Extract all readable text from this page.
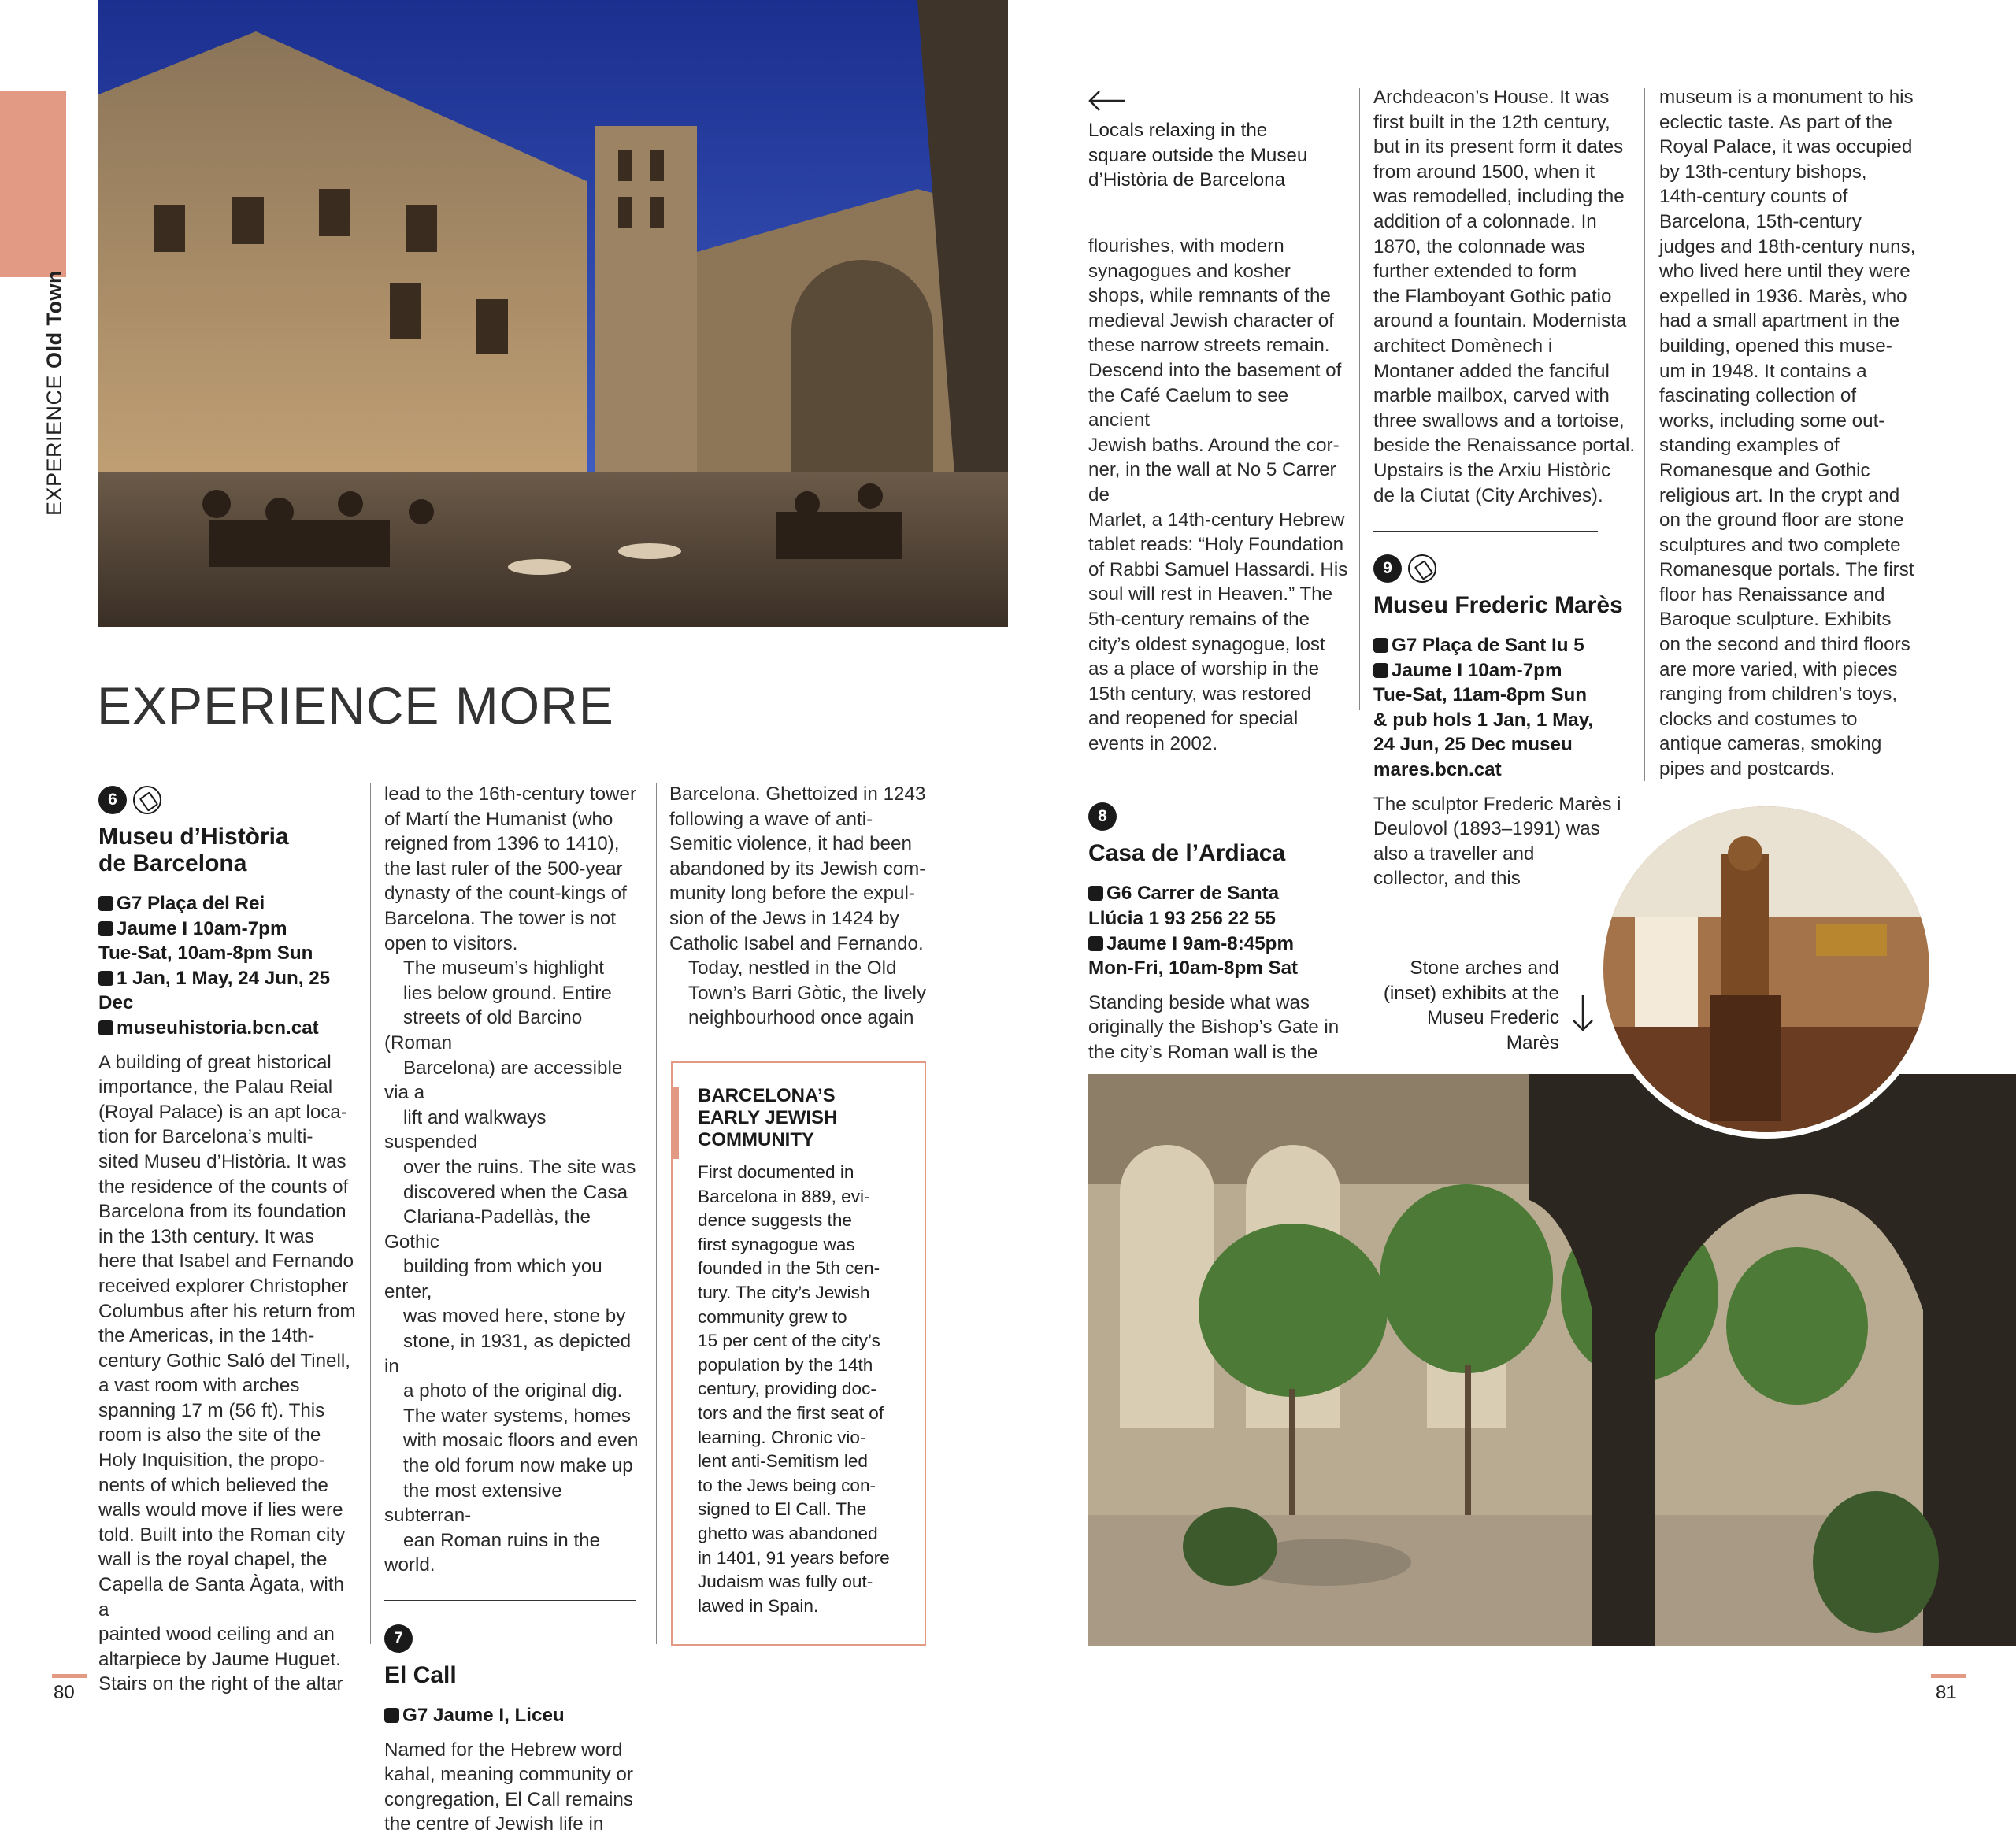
EXPERIENCEOld Town
EXPERIENCE MORE
6
Museu d’Història
de Barcelona
G7 Plaça del Rei
Jaume I 10am-7pm
Tue-Sat, 10am-8pm Sun
1 Jan, 1 May, 24 Jun, 25 Dec
museuhistoria.bcn.cat
A building of great historical
importance, the Palau Reial
(Royal Palace) is an apt loca-
tion for Barcelona’s multi-
sited Museu d’Història. It was
the residence of the counts of
Barcelona from its foundation
in the 13th century. It was
here that Isabel and Fernando
received explorer Christopher
Columbus after his return from
the Americas, in the 14th-
century Gothic Saló del Tinell,
a vast room with arches
spanning 17 m (56 ft). This
room is also the site of the
Holy Inquisition, the propo-
nents of which believed the
walls would move if lies were
told. Built into the Roman city
wall is the royal chapel, the
Capella de Santa Àgata, with a
painted wood ceiling and an
altarpiece by Jaume Huguet.
Stairs on the right of the altar
lead to the 16th-century tower
of Martí the Humanist (who
reigned from 1396 to 1410),
the last ruler of the 500-year
dynasty of the count-kings of
Barcelona. The tower is not
open to visitors.
The museum’s highlight
lies below ground. Entire
streets of old Barcino (Roman
Barcelona) are accessible via a
lift and walkways suspended
over the ruins. The site was
discovered when the Casa
Clariana-Padellàs, the Gothic
building from which you enter,
was moved here, stone by
stone, in 1931, as depicted in
a photo of the original dig.
The water systems, homes
with mosaic floors and even
the old forum now make up
the most extensive subterran-
ean Roman ruins in the world.
7
El Call
G7 Jaume I, Liceu
Named for the Hebrew word
kahal, meaning community or
congregation, El Call remains
the centre of Jewish life in
Barcelona. Ghettoized in 1243
following a wave of anti-
Semitic violence, it had been
abandoned by its Jewish com-
munity long before the expul-
sion of the Jews in 1424 by
Catholic Isabel and Fernando.
Today, nestled in the Old
Town’s Barri Gòtic, the lively
neighbourhood once again
BARCELONA’S
EARLY JEWISH
COMMUNITY
First documented in
Barcelona in 889, evi-
dence suggests the
first synagogue was
founded in the 5th cen-
tury. The city’s Jewish
community grew to
15 per cent of the city’s
population by the 14th
century, providing doc-
tors and the first seat of
learning. Chronic vio-
lent anti-Semitism led
to the Jews being con-
signed to El Call. The
ghetto was abandoned
in 1401, 91 years before
Judaism was fully out-
lawed in Spain.
Locals relaxing in the
square outside the Museu
d’Història de Barcelona
flourishes, with modern
synagogues and kosher
shops, while remnants of the
medieval Jewish character of
these narrow streets remain.
Descend into the basement of
the Café Caelum to see ancient
Jewish baths. Around the cor-
ner, in the wall at No 5 Carrer de
Marlet, a 14th-century Hebrew
tablet reads: “Holy Foundation
of Rabbi Samuel Hassardi. His
soul will rest in Heaven.” The
5th-century remains of the
city’s oldest synagogue, lost
as a place of worship in the
15th century, was restored
and reopened for special
events in 2002.
8
Casa de l’Ardiaca
G6 Carrer de Santa
Llúcia 1 93 256 22 55
Jaume I 9am-8:45pm
Mon-Fri, 10am-8pm Sat
Standing beside what was
originally the Bishop’s Gate in
the city’s Roman wall is the
Archdeacon’s House. It was
first built in the 12th century,
but in its present form it dates
from around 1500, when it
was remodelled, including the
addition of a colonnade. In
1870, the colonnade was
further extended to form
the Flamboyant Gothic patio
around a fountain. Modernista
architect Domènech i
Montaner added the fanciful
marble mailbox, carved with
three swallows and a tortoise,
beside the Renaissance portal.
Upstairs is the Arxiu Històric
de la Ciutat (City Archives).
9
Museu Frederic Marès
G7 Plaça de Sant Iu 5
Jaume I 10am-7pm
Tue-Sat, 11am-8pm Sun
& pub hols 1 Jan, 1 May,
24 Jun, 25 Dec museu
mares.bcn.cat
The sculptor Frederic Marès i
Deulovol (1893–1991) was
also a traveller and
collector, and this
museum is a monument to his
eclectic taste. As part of the
Royal Palace, it was occupied
by 13th-century bishops,
14th-century counts of
Barcelona, 15th-century
judges and 18th-century nuns,
who lived here until they were
expelled in 1936. Marès, who
had a small apartment in the
building, opened this muse-
um in 1948. It contains a
fascinating collection of
works, including some out-
standing examples of
Romanesque and Gothic
religious art. In the crypt and
on the ground floor are stone
sculptures and two complete
Romanesque portals. The first
floor has Renaissance and
Baroque sculpture. Exhibits
on the second and third floors
are more varied, with pieces
ranging from children’s toys,
clocks and costumes to
antique cameras, smoking
pipes and postcards.
Stone arches and
(inset) exhibits at the
Museu Frederic Marès
80	81
